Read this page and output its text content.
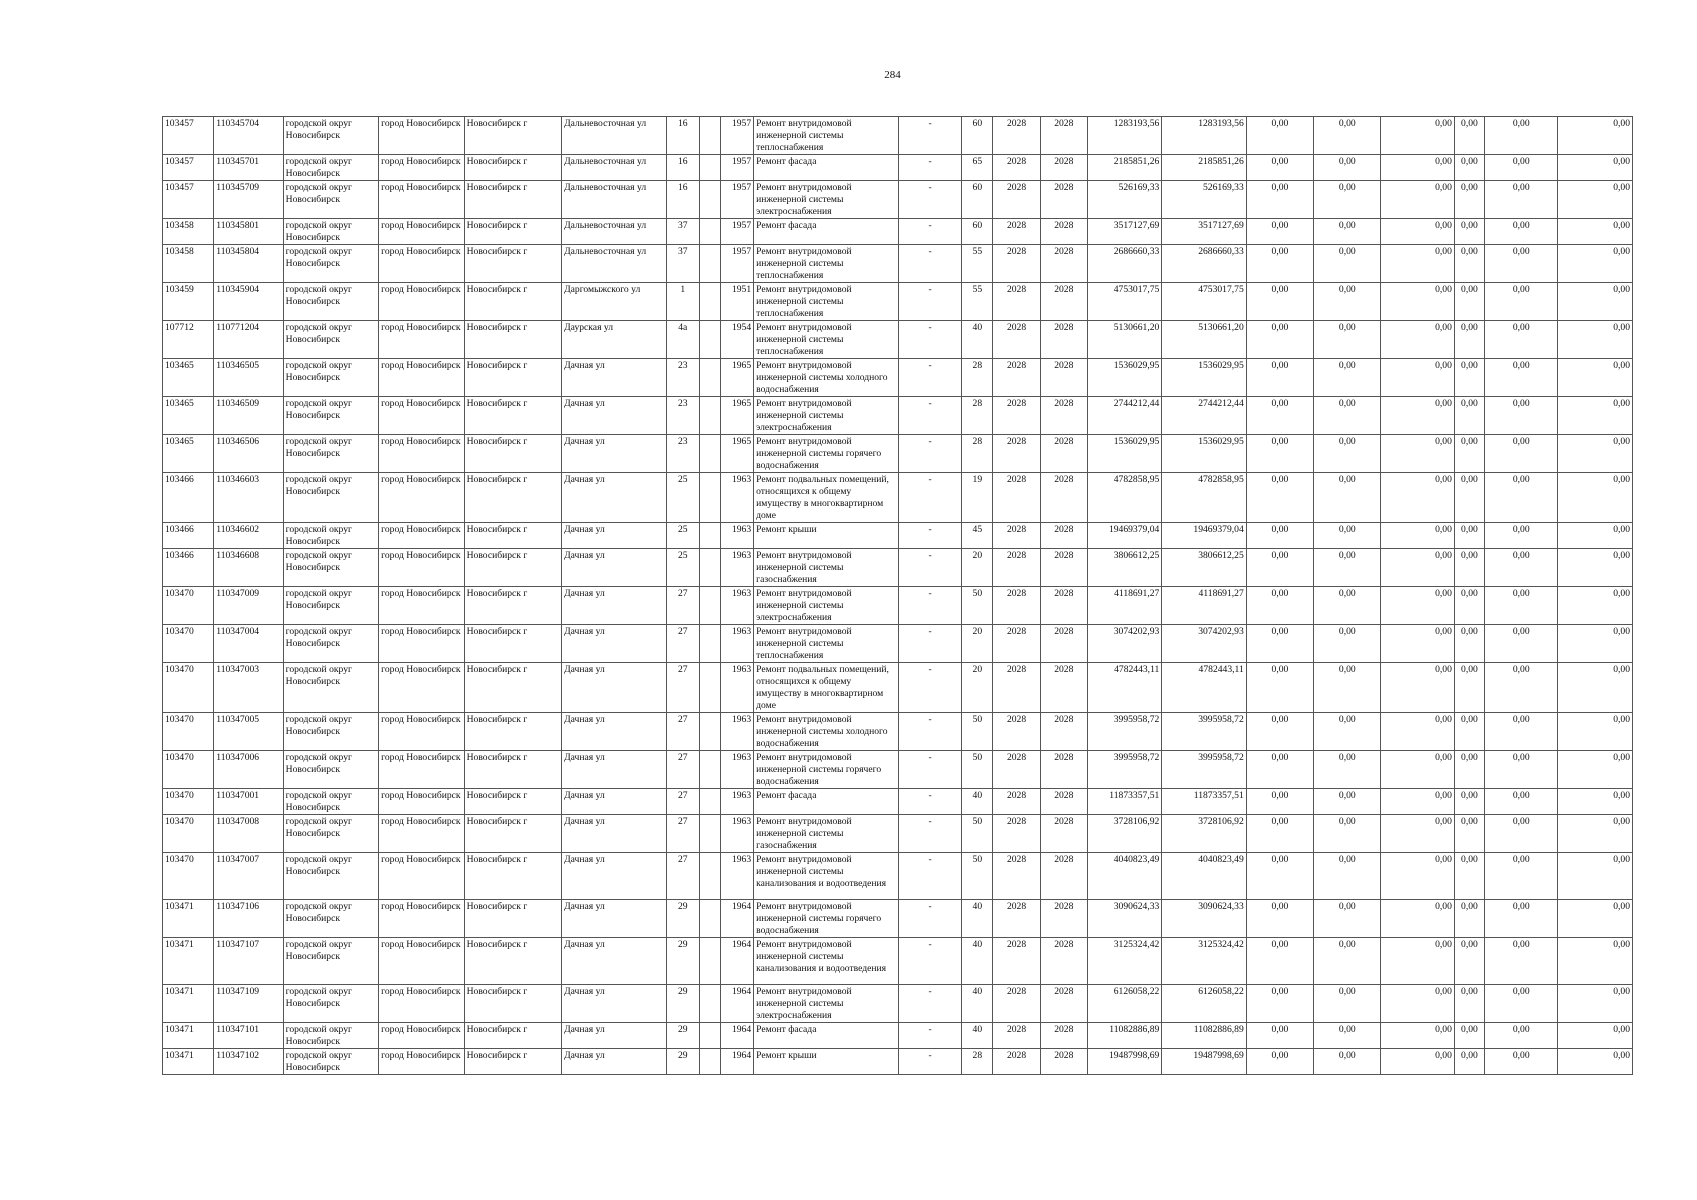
284
103457	110345704	городской округ Новосибирск	город Новосибирск	Новосибирск г	Дальневосточная ул	16		1957	Ремонт внутридомовой инженерной системы теплоснабжения	-	60	2028	2028	1283193,56	1283193,56	0,00	0,00	0,00	0,00	0,00	0,00
103457	110345701	городской округ Новосибирск	город Новосибирск	Новосибирск г	Дальневосточная ул	16		1957	Ремонт фасада	-	65	2028	2028	2185851,26	2185851,26	0,00	0,00	0,00	0,00	0,00	0,00
103457	110345709	городской округ Новосибирск	город Новосибирск	Новосибирск г	Дальневосточная ул	16		1957	Ремонт внутридомовой инженерной системы электроснабжения	-	60	2028	2028	526169,33	526169,33	0,00	0,00	0,00	0,00	0,00	0,00
103458	110345801	городской округ Новосибирск	город Новосибирск	Новосибирск г	Дальневосточная ул	37		1957	Ремонт фасада	-	60	2028	2028	3517127,69	3517127,69	0,00	0,00	0,00	0,00	0,00	0,00
103458	110345804	городской округ Новосибирск	город Новосибирск	Новосибирск г	Дальневосточная ул	37		1957	Ремонт внутридомовой инженерной системы теплоснабжения	-	55	2028	2028	2686660,33	2686660,33	0,00	0,00	0,00	0,00	0,00	0,00
103459	110345904	городской округ Новосибирск	город Новосибирск	Новосибирск г	Даргомыжского ул	1		1951	Ремонт внутридомовой инженерной системы теплоснабжения	-	55	2028	2028	4753017,75	4753017,75	0,00	0,00	0,00	0,00	0,00	0,00
107712	110771204	городской округ Новосибирск	город Новосибирск	Новосибирск г	Даурская ул	4а		1954	Ремонт внутридомовой инженерной системы теплоснабжения	-	40	2028	2028	5130661,20	5130661,20	0,00	0,00	0,00	0,00	0,00	0,00
103465	110346505	городской округ Новосибирск	город Новосибирск	Новосибирск г	Дачная ул	23		1965	Ремонт внутридомовой инженерной системы холодного водоснабжения	-	28	2028	2028	1536029,95	1536029,95	0,00	0,00	0,00	0,00	0,00	0,00
103465	110346509	городской округ Новосибирск	город Новосибирск	Новосибирск г	Дачная ул	23		1965	Ремонт внутридомовой инженерной системы электроснабжения	-	28	2028	2028	2744212,44	2744212,44	0,00	0,00	0,00	0,00	0,00	0,00
103465	110346506	городской округ Новосибирск	город Новосибирск	Новосибирск г	Дачная ул	23		1965	Ремонт внутридомовой инженерной системы горячего водоснабжения	-	28	2028	2028	1536029,95	1536029,95	0,00	0,00	0,00	0,00	0,00	0,00
103466	110346603	городской округ Новосибирск	город Новосибирск	Новосибирск г	Дачная ул	25		1963	Ремонт подвальных помещений, относящихся к общему имуществу в многоквартирном доме	-	19	2028	2028	4782858,95	4782858,95	0,00	0,00	0,00	0,00	0,00	0,00
103466	110346602	городской округ Новосибирск	город Новосибирск	Новосибирск г	Дачная ул	25		1963	Ремонт крыши	-	45	2028	2028	19469379,04	19469379,04	0,00	0,00	0,00	0,00	0,00	0,00
103466	110346608	городской округ Новосибирск	город Новосибирск	Новосибирск г	Дачная ул	25		1963	Ремонт внутридомовой инженерной системы газоснабжения	-	20	2028	2028	3806612,25	3806612,25	0,00	0,00	0,00	0,00	0,00	0,00
103470	110347009	городской округ Новосибирск	город Новосибирск	Новосибирск г	Дачная ул	27		1963	Ремонт внутридомовой инженерной системы электроснабжения	-	50	2028	2028	4118691,27	4118691,27	0,00	0,00	0,00	0,00	0,00	0,00
103470	110347004	городской округ Новосибирск	город Новосибирск	Новосибирск г	Дачная ул	27		1963	Ремонт внутридомовой инженерной системы теплоснабжения	-	20	2028	2028	3074202,93	3074202,93	0,00	0,00	0,00	0,00	0,00	0,00
103470	110347003	городской округ Новосибирск	город Новосибирск	Новосибирск г	Дачная ул	27		1963	Ремонт подвальных помещений, относящихся к общему имуществу в многоквартирном доме	-	20	2028	2028	4782443,11	4782443,11	0,00	0,00	0,00	0,00	0,00	0,00
103470	110347005	городской округ Новосибирск	город Новосибирск	Новосибирск г	Дачная ул	27		1963	Ремонт внутридомовой инженерной системы холодного водоснабжения	-	50	2028	2028	3995958,72	3995958,72	0,00	0,00	0,00	0,00	0,00	0,00
103470	110347006	городской округ Новосибирск	город Новосибирск	Новосибирск г	Дачная ул	27		1963	Ремонт внутридомовой инженерной системы горячего водоснабжения	-	50	2028	2028	3995958,72	3995958,72	0,00	0,00	0,00	0,00	0,00	0,00
103470	110347001	городской округ Новосибирск	город Новосибирск	Новосибирск г	Дачная ул	27		1963	Ремонт фасада	-	40	2028	2028	11873357,51	11873357,51	0,00	0,00	0,00	0,00	0,00	0,00
103470	110347008	городской округ Новосибирск	город Новосибирск	Новосибирск г	Дачная ул	27		1963	Ремонт внутридомовой инженерной системы газоснабжения	-	50	2028	2028	3728106,92	3728106,92	0,00	0,00	0,00	0,00	0,00	0,00
103470	110347007	городской округ Новосибирск	город Новосибирск	Новосибирск г	Дачная ул	27		1963	Ремонт внутридомовой инженерной системы канализования и водоотведения	-	50	2028	2028	4040823,49	4040823,49	0,00	0,00	0,00	0,00	0,00	0,00
103471	110347106	городской округ Новосибирск	город Новосибирск	Новосибирск г	Дачная ул	29		1964	Ремонт внутридомовой инженерной системы горячего водоснабжения	-	40	2028	2028	3090624,33	3090624,33	0,00	0,00	0,00	0,00	0,00	0,00
103471	110347107	городской округ Новосибирск	город Новосибирск	Новосибирск г	Дачная ул	29		1964	Ремонт внутридомовой инженерной системы канализования и водоотведения	-	40	2028	2028	3125324,42	3125324,42	0,00	0,00	0,00	0,00	0,00	0,00
103471	110347109	городской округ Новосибирск	город Новосибирск	Новосибирск г	Дачная ул	29		1964	Ремонт внутридомовой инженерной системы электроснабжения	-	40	2028	2028	6126058,22	6126058,22	0,00	0,00	0,00	0,00	0,00	0,00
103471	110347101	городской округ Новосибирск	город Новосибирск	Новосибирск г	Дачная ул	29		1964	Ремонт фасада	-	40	2028	2028	11082886,89	11082886,89	0,00	0,00	0,00	0,00	0,00	0,00
103471	110347102	городской округ Новосибирск	город Новосибирск	Новосибирск г	Дачная ул	29		1964	Ремонт крыши	-	28	2028	2028	19487998,69	19487998,69	0,00	0,00	0,00	0,00	0,00	0,00
